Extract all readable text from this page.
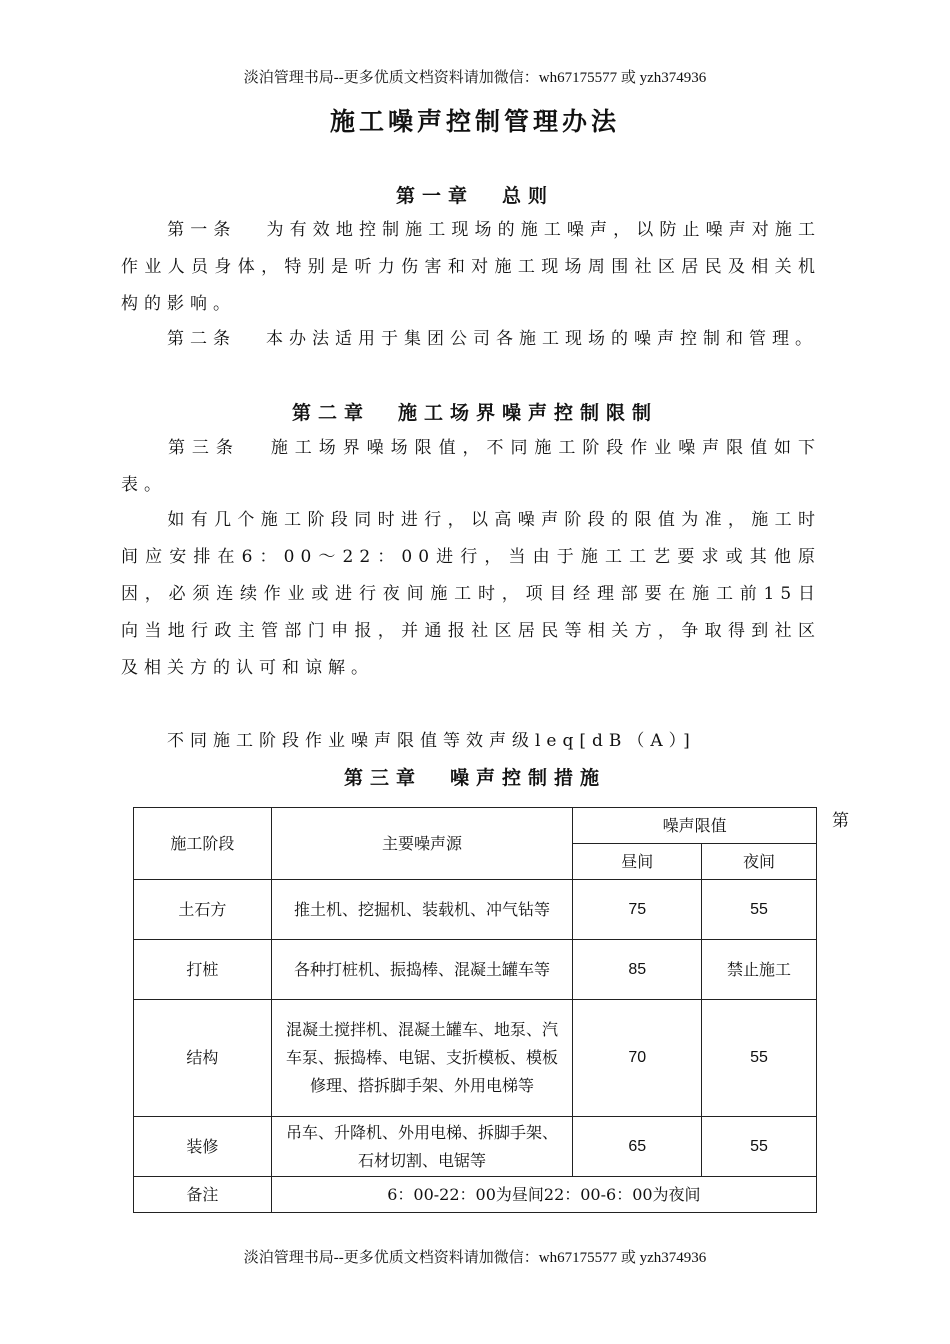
淡泊管理书局--更多优质文档资料请加微信：wh67175577 或 yzh374936
施工噪声控制管理办法
第一章 总则
第一条 为有效地控制施工现场的施工噪声，以防止噪声对施工作业人员身体，特别是听力伤害和对施工现场周围社区居民及相关机构的影响。
第二条 本办法适用于集团公司各施工现场的噪声控制和管理。
第二章 施工场界噪声控制限制
第三条 施工场界噪场限值，不同施工阶段作业噪声限值如下表。
如有几个施工阶段同时进行，以高噪声阶段的限值为准，施工时间应安排在6：00～22：00进行，当由于施工工艺要求或其他原因，必须连续作业或进行夜间施工时，项目经理部要在施工前15日向当地行政主管部门申报，并通报社区居民等相关方，争取得到社区及相关方的认可和谅解。
不同施工阶段作业噪声限值等效声级leq[dB（A）]
第三章 噪声控制措施
第
施工阶段	主要噪声源	噪声限值	
		昼间	夜间
土石方	推土机、挖掘机、装载机、冲气钻等	75	55
打桩	各种打桩机、振捣棒、混凝土罐车等	85	禁止施工
结构	混凝土搅拌机、混凝土罐车、地泵、汽车泵、振捣棒、电锯、支折模板、模板修理、搭拆脚手架、外用电梯等	70	55
装修	吊车、升降机、外用电梯、拆脚手架、石材切割、电锯等	65	55
备注	6：00-22：00为昼间22：00-6：00为夜间		
淡泊管理书局--更多优质文档资料请加微信：wh67175577 或 yzh374936
